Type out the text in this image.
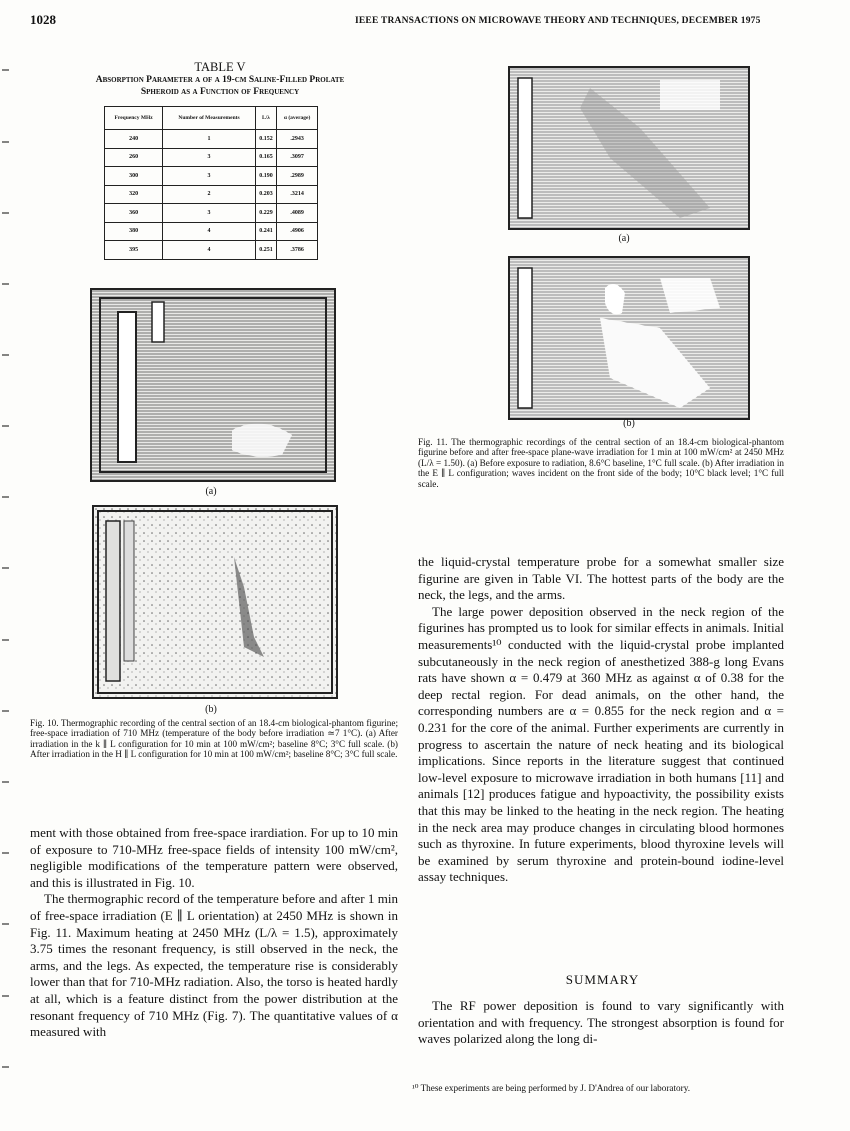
1028	IEEE TRANSACTIONS ON MICROWAVE THEORY AND TECHNIQUES, DECEMBER 1975
TABLE V
Absorption Parameter α of a 19-cm Saline-Filled Prolate
Spheroid as a Function of Frequency
Frequency MHz	Number of Measurements	L/λ	α (average)
240	1	0.152	.2943
260	3	0.165	.3097
300	3	0.190	.2989
320	2	0.203	.3214
360	3	0.229	.4089
380	4	0.241	.4906
395	4	0.251	.3786
(a)
(b)
Fig. 10. Thermographic recording of the central section of an 18.4-cm biological-phantom figurine; free-space irradiation of 710 MHz (temperature of the body before irradiation ≃7 1°C). (a) After irradiation in the k ∥ L configuration for 10 min at 100 mW/cm²; baseline 8°C; 3°C full scale. (b) After irradiation in the H ∥ L configuration for 10 min at 100 mW/cm²; baseline 8°C; 3°C full scale.
(a)
(b)
Fig. 11. The thermographic recordings of the central section of an 18.4-cm biological-phantom figurine before and after free-space plane-wave irradiation for 1 min at 100 mW/cm² at 2450 MHz (L/λ = 1.50). (a) Before exposure to radiation, 8.6°C baseline, 1°C full scale. (b) After irradiation in the E ∥ L configuration; waves incident on the front side of the body; 10°C black level; 1°C full scale.

ment with those obtained from free-space irardiation. For up to 10 min of exposure to 710-MHz free-space fields of intensity 100 mW/cm², negligible modifications of the temperature pattern were observed, and this is illustrated in Fig. 10.

The thermographic record of the temperature before and after 1 min of free-space irradiation (E ∥ L orientation) at 2450 MHz is shown in Fig. 11. Maximum heating at 2450 MHz (L/λ = 1.5), approximately 3.75 times the resonant frequency, is still observed in the neck, the arms, and the legs. As expected, the temperature rise is considerably lower than that for 710-MHz radiation. Also, the torso is heated hardly at all, which is a feature distinct from the power distribution at the resonant frequency of 710 MHz (Fig. 7). The quantitative values of α measured with

the liquid-crystal temperature probe for a somewhat smaller size figurine are given in Table VI. The hottest parts of the body are the neck, the legs, and the arms.

The large power deposition observed in the neck region of the figurines has prompted us to look for similar effects in animals. Initial measurements¹⁰ conducted with the liquid-crystal probe implanted subcutaneously in the neck region of anesthetized 388-g long Evans rats have shown α = 0.479 at 360 MHz as against α of 0.38 for the deep rectal region. For dead animals, on the other hand, the corresponding numbers are α = 0.855 for the neck region and α = 0.231 for the core of the animal. Further experiments are currently in progress to ascertain the nature of neck heating and its biological implications. Since reports in the literature suggest that continued low-level exposure to microwave irradiation in both humans [11] and animals [12] produces fatigue and hypoactivity, the possibility exists that this may be linked to the heating in the neck region. The heating in the neck area may produce changes in circulating blood hormones such as thyroxine. In future experiments, blood thyroxine levels will be examined by serum thyroxine and protein-bound iodine-level assay techniques.

SUMMARY

The RF power deposition is found to vary significantly with orientation and with frequency. The strongest absorption is found for waves polarized along the long di-

¹⁰ These experiments are being performed by J. D'Andrea of our laboratory.
